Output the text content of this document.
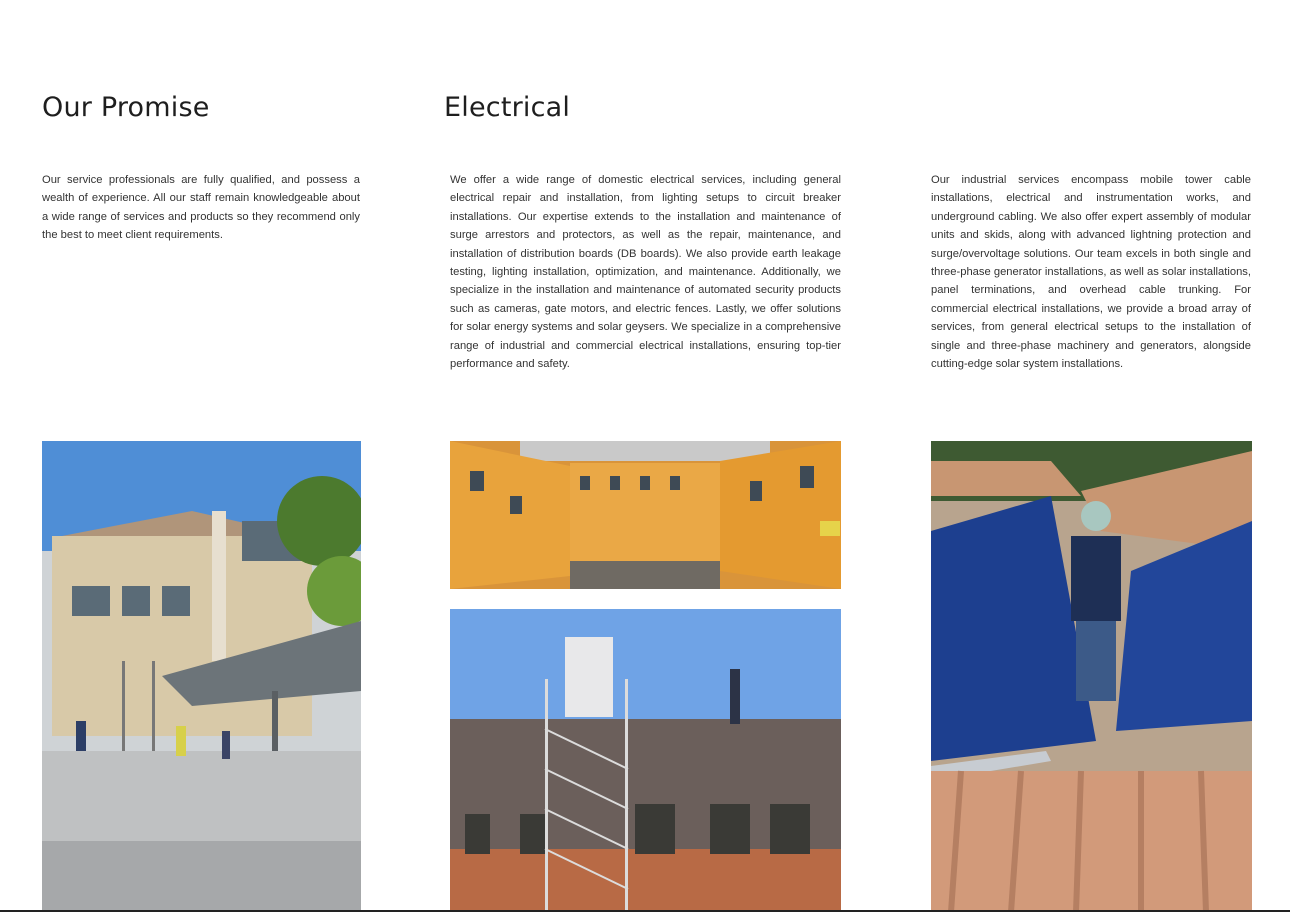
Our Promise	Electrical

Our service professionals are fully qualified, and possess a wealth of experience. All our staff remain knowledgeable about a wide range of services and products so they recommend only the best to meet client requirements.

We offer a wide range of domestic electrical services, including general electrical repair and installation, from lighting setups to circuit breaker installations. Our expertise extends to the installation and maintenance of surge arrestors and protectors, as well as the repair, maintenance, and installation of distribution boards (DB boards). We also provide earth leakage testing, lighting installation, optimization, and maintenance. Additionally, we specialize in the installation and maintenance of automated security products such as cameras, gate motors, and electric fences. Lastly, we offer solutions for solar energy systems and solar geysers. We specialize in a comprehensive range of industrial and commercial electrical installations, ensuring top-tier performance and safety.

Our industrial services encompass mobile tower cable installations, electrical and instrumentation works, and underground cabling. We also offer expert assembly of modular units and skids, along with advanced lightning protection and surge/overvoltage solutions. Our team excels in both single and three-phase generator installations, as well as solar installations, panel terminations, and overhead cable trunking. For commercial electrical installations, we provide a broad array of services, from general electrical setups to the installation of single and three-phase machinery and generators, alongside cutting-edge solar system installations.
